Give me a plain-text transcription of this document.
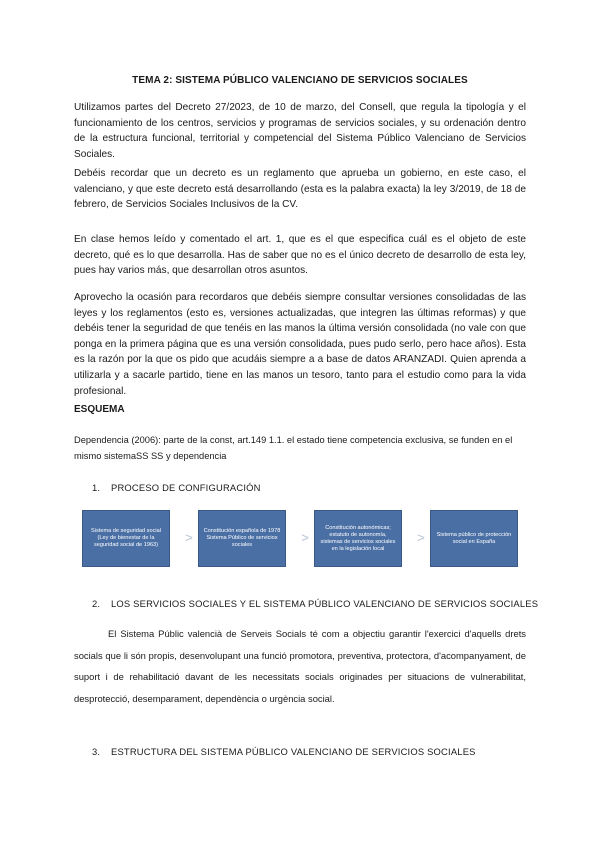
TEMA 2: SISTEMA PÚBLICO VALENCIANO DE SERVICIOS SOCIALES

Utilizamos partes del Decreto 27/2023, de 10 de marzo, del Consell, que regula la tipología y el funcionamiento de los centros, servicios y programas de servicios sociales, y su ordenación dentro de la estructura funcional, territorial y competencial del Sistema Público Valenciano de Servicios Sociales.

Debéis recordar que un decreto es un reglamento que aprueba un gobierno, en este caso, el valenciano, y que este decreto está desarrollando (esta es la palabra exacta) la ley 3/2019, de 18 de febrero, de Servicios Sociales Inclusivos de la CV.

En clase hemos leído y comentado el art. 1, que es el que especifica cuál es el objeto de este decreto, qué es lo que desarrolla. Has de saber que no es el único decreto de desarrollo de esta ley, pues hay varios más, que desarrollan otros asuntos.

Aprovecho la ocasión para recordaros que debéis siempre consultar versiones consolidadas de las leyes y los reglamentos (esto es, versiones actualizadas, que integren las últimas reformas) y que debéis tener la seguridad de que tenéis en las manos la última versión consolidada (no vale con que ponga en la primera página que es una versión consolidada, pues pudo serlo, pero hace años). Esta es la razón por la que os pido que acudáis siempre a a base de datos ARANZADI. Quien aprenda a utilizarla y a sacarle partido, tiene en las manos un tesoro, tanto para el estudio como para la vida profesional.

ESQUEMA

Dependencia (2006): parte de la const, art.149 1.1. el estado tiene competencia exclusiva, se funden en el mismo sistemaSS SS y dependencia

1. PROCESO DE CONFIGURACIÓN
Sistema de seguridad social (Ley de bienestar de la seguridad social de 1963)	>	Constitución española de 1978 Sistema Público de servicios sociales	>
Constitución autonómicas; estatuto de autonomía, sistemas de servicios sociales en la legislación local
>	Sistema público de protección social en España
2. LOS SERVICIOS SOCIALES Y EL SISTEMA PÚBLICO VALENCIANO DE SERVICIOS SOCIALES

El Sistema Públic valencià de Serveis Socials té com a objectiu garantir l'exercici d'aquells drets socials que li són propis, desenvolupant una funció promotora, preventiva, protectora, d'acompanyament, de suport i de rehabilitació davant de les necessitats socials originades per situacions de vulnerabilitat, desprotecció, desemparament, dependència o urgència social.

3. ESTRUCTURA DEL SISTEMA PÚBLICO VALENCIANO DE SERVICIOS SOCIALES
